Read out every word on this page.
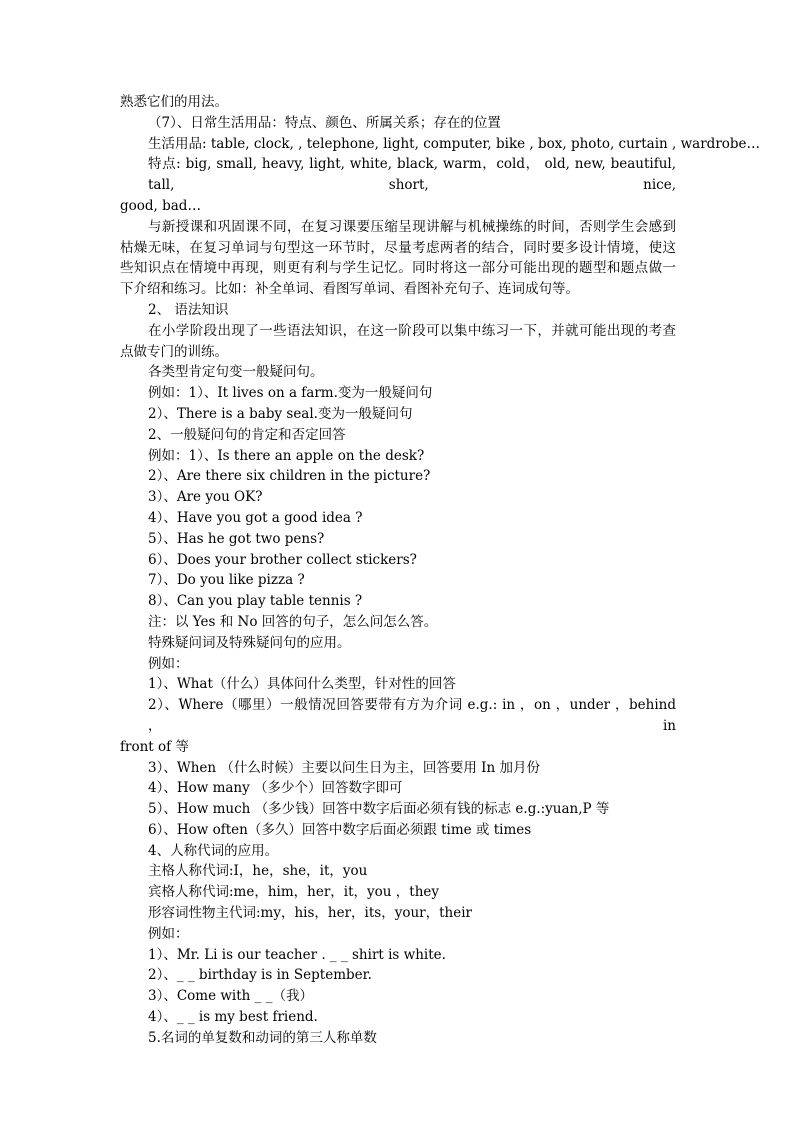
熟悉它们的用法。
（7）、日常生活用品：特点、颜色、所属关系；存在的位置
生活用品: table, clock, , telephone, light, computer, bike , box, photo, curtain , wardrobe…
特点: big, small, heavy, light, white, black, warm，cold， old, new, beautiful, tall, short, nice,
good, bad…
与新授课和巩固课不同，在复习课要压缩呈现讲解与机械操练的时间，否则学生会感到
枯燥无味，在复习单词与句型这一环节时，尽量考虑两者的结合，同时要多设计情境，使这
些知识点在情境中再现，则更有利与学生记忆。同时将这一部分可能出现的题型和题点做一
下介绍和练习。比如：补全单词、看图写单词、看图补充句子、连词成句等。
2、 语法知识
在小学阶段出现了一些语法知识，在这一阶段可以集中练习一下，并就可能出现的考查
点做专门的训练。
各类型肯定句变一般疑问句。
例如：1）、It lives on a farm.变为一般疑问句
2）、There is a baby seal.变为一般疑问句
2、一般疑问句的肯定和否定回答
例如：1）、Is there an apple on the desk?
2）、Are there six children in the picture?
3）、Are you OK?
4）、Have you got a good idea ?
5）、Has he got two pens?
6）、Does your brother collect stickers?
7）、Do you like pizza ?
8）、Can you play table tennis ?
注：以 Yes 和 No 回答的句子，怎么问怎么答。
特殊疑问词及特殊疑问句的应用。
例如：
1）、What（什么）具体问什么类型，针对性的回答
2）、Where（哪里）一般情况回答要带有方为介词 e.g.: in ，on ，under ，behind ，in
front of 等
3）、When （什么时候）主要以问生日为主，回答要用 In 加月份
4）、How many （多少个）回答数字即可
5）、How much （多少钱）回答中数字后面必须有钱的标志 e.g.:yuan,P 等
6）、How often（多久）回答中数字后面必须跟 time 或 times
4、人称代词的应用。
主格人称代词:I，he，she，it，you
宾格人称代词:me，him，her，it，you ，they
形容词性物主代词:my，his，her，its，your，their
例如：
1）、Mr. Li is our teacher . _ _ shirt is white.
2）、_ _ birthday is in September.
3）、Come with _ _（我）
4）、_ _ is my best friend.
5.名词的单复数和动词的第三人称单数
